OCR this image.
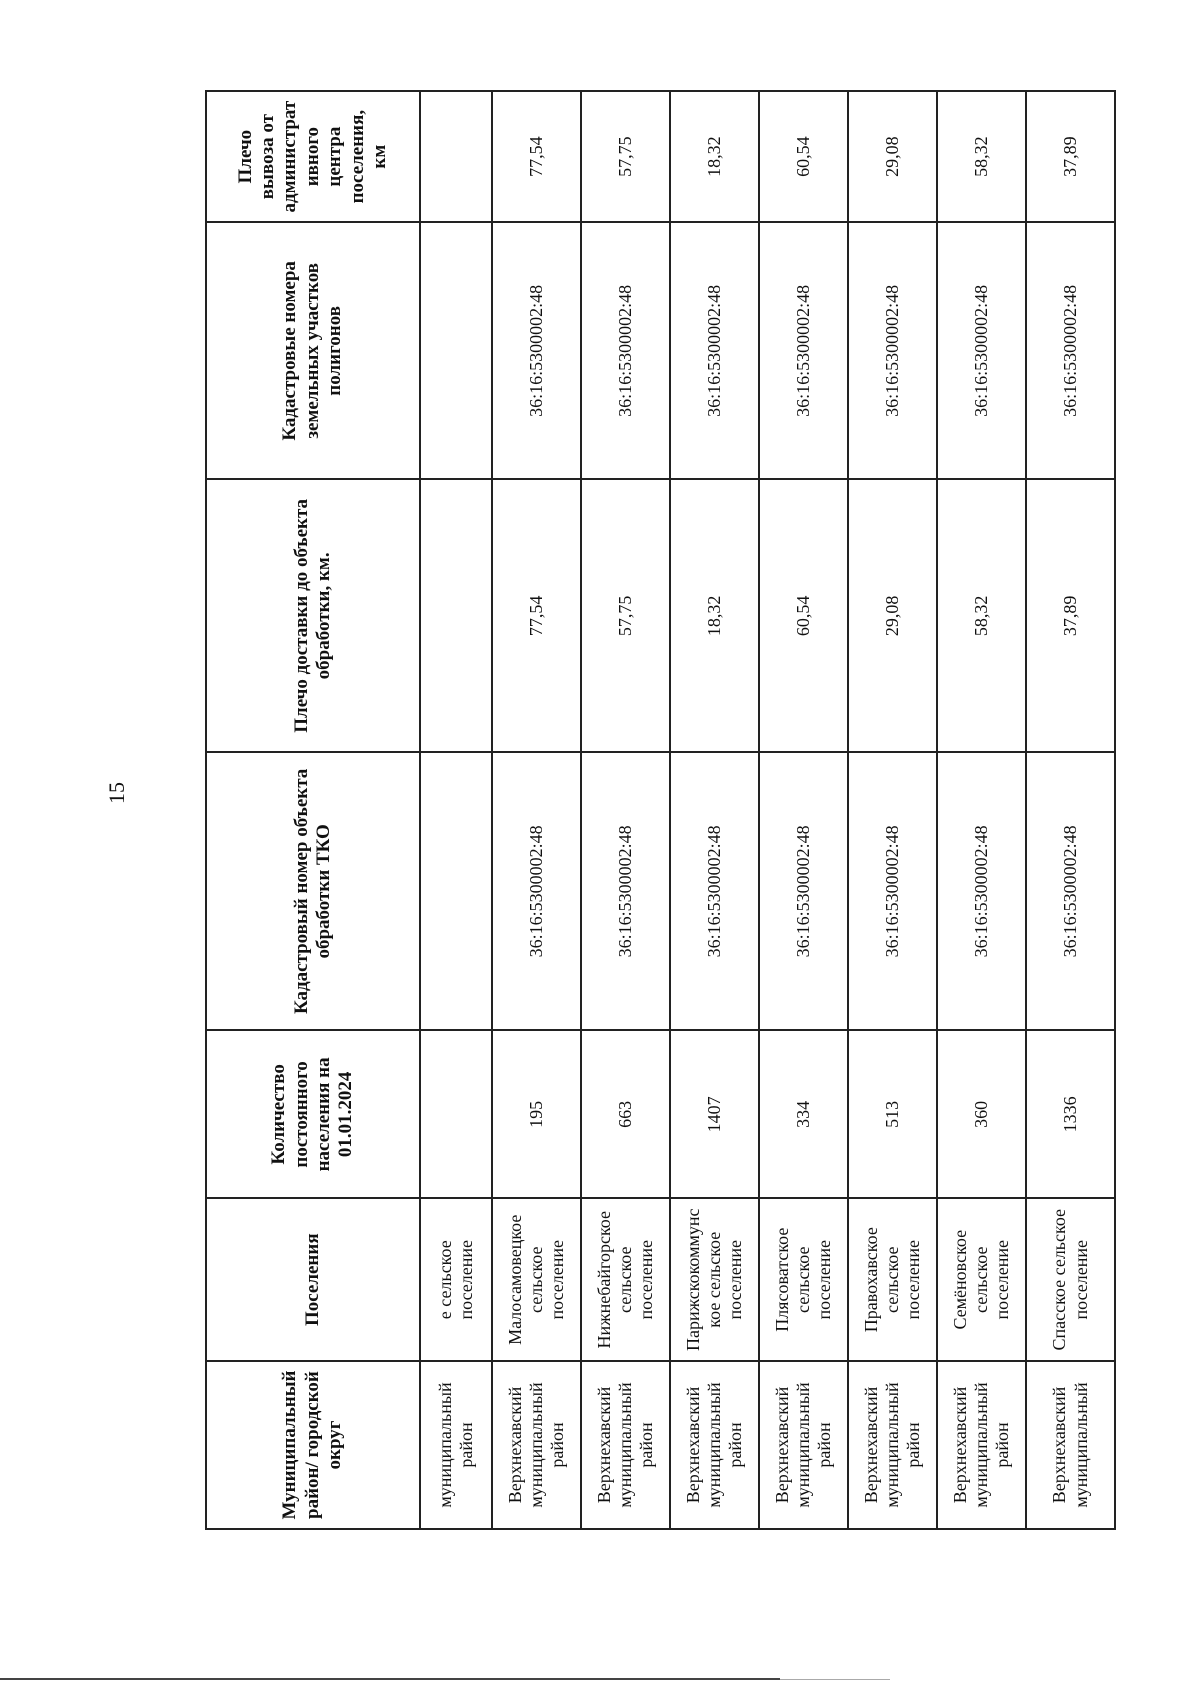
15
Муниципальный район/ городской округ	Поселения	Количество постоянного населения на 01.01.2024	Кадастровый номер объекта обработки ТКО	Плечо доставки до объекта обработки, км.	Кадастровые номера земельных участков полигонов	Плечо вывоза от административного центра поселения, км
муниципальный район	е сельское поселение					
Верхнехавский муниципальный район	Малосамовецкое сельское поселение	195	36:16:5300002:48	77,54	36:16:5300002:48	77,54
Верхнехавский муниципальный район	Нижнебайгорское сельское поселение	663	36:16:5300002:48	57,75	36:16:5300002:48	57,75
Верхнехавский муниципальный район	Парижскокоммунское сельское поселение	1407	36:16:5300002:48	18,32	36:16:5300002:48	18,32
Верхнехавский муниципальный район	Плясоватское сельское поселение	334	36:16:5300002:48	60,54	36:16:5300002:48	60,54
Верхнехавский муниципальный район	Правохавское сельское поселение	513	36:16:5300002:48	29,08	36:16:5300002:48	29,08
Верхнехавский муниципальный район	Семёновское сельское поселение	360	36:16:5300002:48	58,32	36:16:5300002:48	58,32
Верхнехавский муниципальный	Спасское сельское поселение	1336	36:16:5300002:48	37,89	36:16:5300002:48	37,89
